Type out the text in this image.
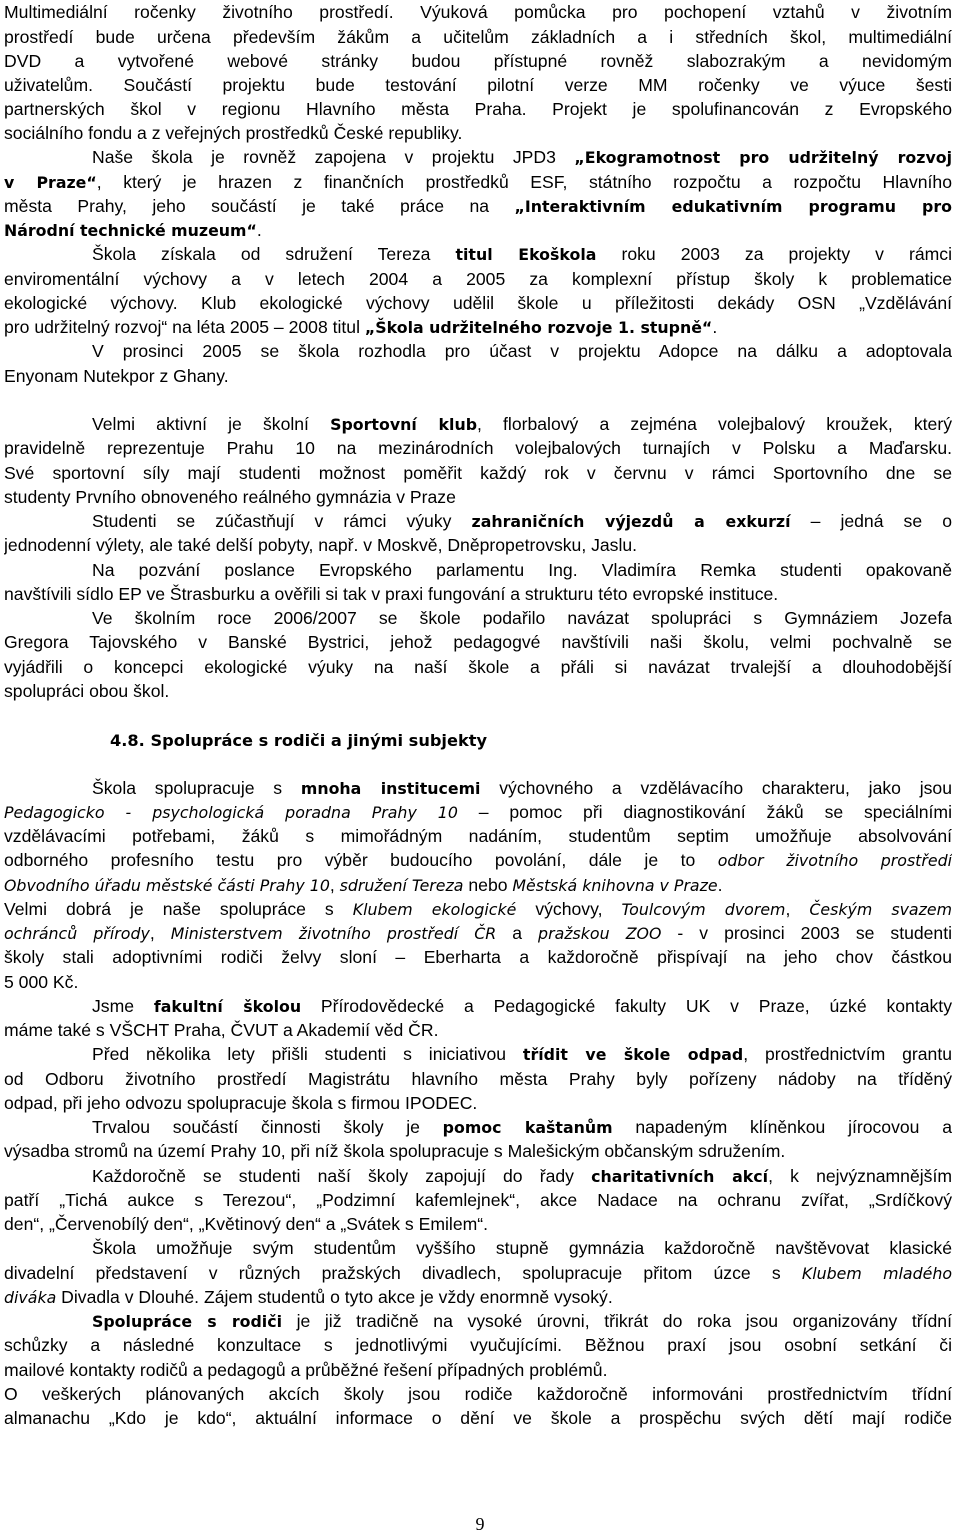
Multimediální ročenky životního prostředí. Výuková pomůcka pro pochopení vztahů v životním
prostředí bude určena především žákům a učitelům základních a i středních škol, multimediální
DVD a vytvořené webové stránky budou přístupné rovněž slabozrakým a nevidomým
uživatelům. Součástí projektu bude testování pilotní verze MM ročenky ve výuce šesti
partnerských škol v regionu Hlavního města Praha. Projekt je spolufinancován z Evropského
sociálního fondu a z veřejných prostředků České republiky.
Naše škola je rovněž zapojena v projektu JPD3 „Ekogramotnost pro udržitelný rozvoj
v Praze“, který je hrazen z finančních prostředků ESF, státního rozpočtu a rozpočtu Hlavního
města Prahy, jeho součástí je také práce na „Interaktivním edukativním programu pro
Národní technické muzeum“.
Škola získala od sdružení Tereza titul Ekoškola roku 2003 za projekty v rámci
enviromentální výchovy a v letech 2004 a 2005 za komplexní přístup školy k problematice
ekologické výchovy. Klub ekologické výchovy udělil škole u příležitosti dekády OSN „Vzdělávání
pro udržitelný rozvoj“ na léta 2005 – 2008 titul „Škola udržitelného rozvoje 1. stupně“.
V prosinci 2005 se škola rozhodla pro účast v projektu Adopce na dálku a adoptovala
Enyonam Nutekpor z Ghany.
Velmi aktivní je školní Sportovní klub, florbalový a zejména volejbalový kroužek, který
pravidelně reprezentuje Prahu 10 na mezinárodních volejbalových turnajích v Polsku a Maďarsku.
Své sportovní síly mají studenti možnost poměřit každý rok v červnu v rámci Sportovního dne se
studenty Prvního obnoveného reálného gymnázia v Praze
Studenti se zúčastňují v rámci výuky zahraničních výjezdů a exkurzí – jedná se o
jednodenní výlety, ale také delší pobyty, např. v Moskvě, Dněpropetrovsku, Jaslu.
Na pozvání poslance Evropského parlamentu Ing. Vladimíra Remka studenti opakovaně
navštívili sídlo EP ve Štrasburku a ověřili si tak v praxi fungování a strukturu této evropské instituce.
Ve školním roce 2006/2007 se škole podařilo navázat spolupráci s Gymnáziem Jozefa
Gregora Tajovského v Banské Bystrici, jehož pedagogvé navštívili naši školu, velmi pochvalně se
vyjádřili o koncepci ekologické výuky na naší škole a přáli si navázat trvalejší a dlouhodobější
spolupráci obou škol.
4.8. Spolupráce s rodiči a jinými subjekty
Škola spolupracuje s mnoha institucemi výchovného a vzdělávacího charakteru, jako jsou
Pedagogicko - psychologická poradna Prahy 10 – pomoc při diagnostikování žáků se speciálními
vzdělávacími potřebami, žáků s mimořádným nadáním, studentům septim umožňuje absolvování
odborného profesního testu pro výběr budoucího povolání, dále je to odbor životního prostředí
Obvodního úřadu městské části Prahy 10, sdružení Tereza nebo Městská knihovna v Praze.
Velmi dobrá je naše spolupráce s Klubem ekologické výchovy, Toulcovým dvorem, Českým svazem
ochránců přírody, Ministerstvem životního prostředí ČR a pražskou ZOO - v prosinci 2003 se studenti
školy stali adoptivními rodiči želvy sloní – Eberharta a každoročně přispívají na jeho chov částkou
5 000 Kč.
Jsme fakultní školou Přírodovědecké a Pedagogické fakulty UK v Praze, úzké kontakty
máme také s VŠCHT Praha, ČVUT a Akademií věd ČR.
Před několika lety přišli studenti s iniciativou třídit ve škole odpad, prostřednictvím grantu
od Odboru životního prostředí Magistrátu hlavního města Prahy byly pořízeny nádoby na tříděný
odpad, při jeho odvozu spolupracuje škola s firmou IPODEC.
Trvalou součástí činnosti školy je pomoc kaštanům napadeným klíněnkou jírocovou a
výsadba stromů na území Prahy 10, při níž škola spolupracuje s Malešickým občanským sdružením.
Každoročně se studenti naší školy zapojují do řady charitativních akcí, k nejvýznamnějším
patří „Tichá aukce s Terezou“, „Podzimní kafemlejnek“, akce Nadace na ochranu zvířat, „Srdíčkový
den“, „Červenobílý den“, „Květinový den“ a „Svátek s Emilem“.
Škola umožňuje svým studentům vyššího stupně gymnázia každoročně navštěvovat klasické
divadelní představení v různých pražských divadlech, spolupracuje přitom úzce s Klubem mladého
diváka Divadla v Dlouhé. Zájem studentů o tyto akce je vždy enormně vysoký.
Spolupráce s rodiči je již tradičně na vysoké úrovni, třikrát do roka jsou organizovány třídní
schůzky a následné konzultace s jednotlivými vyučujícími. Běžnou praxí jsou osobní setkání či
mailové kontakty rodičů a pedagogů a průběžné řešení případných problémů.
O veškerých plánovaných akcích školy jsou rodiče každoročně informováni prostřednictvím třídní
almanachu „Kdo je kdo“, aktuální informace o dění ve škole a prospěchu svých dětí mají rodiče
9
